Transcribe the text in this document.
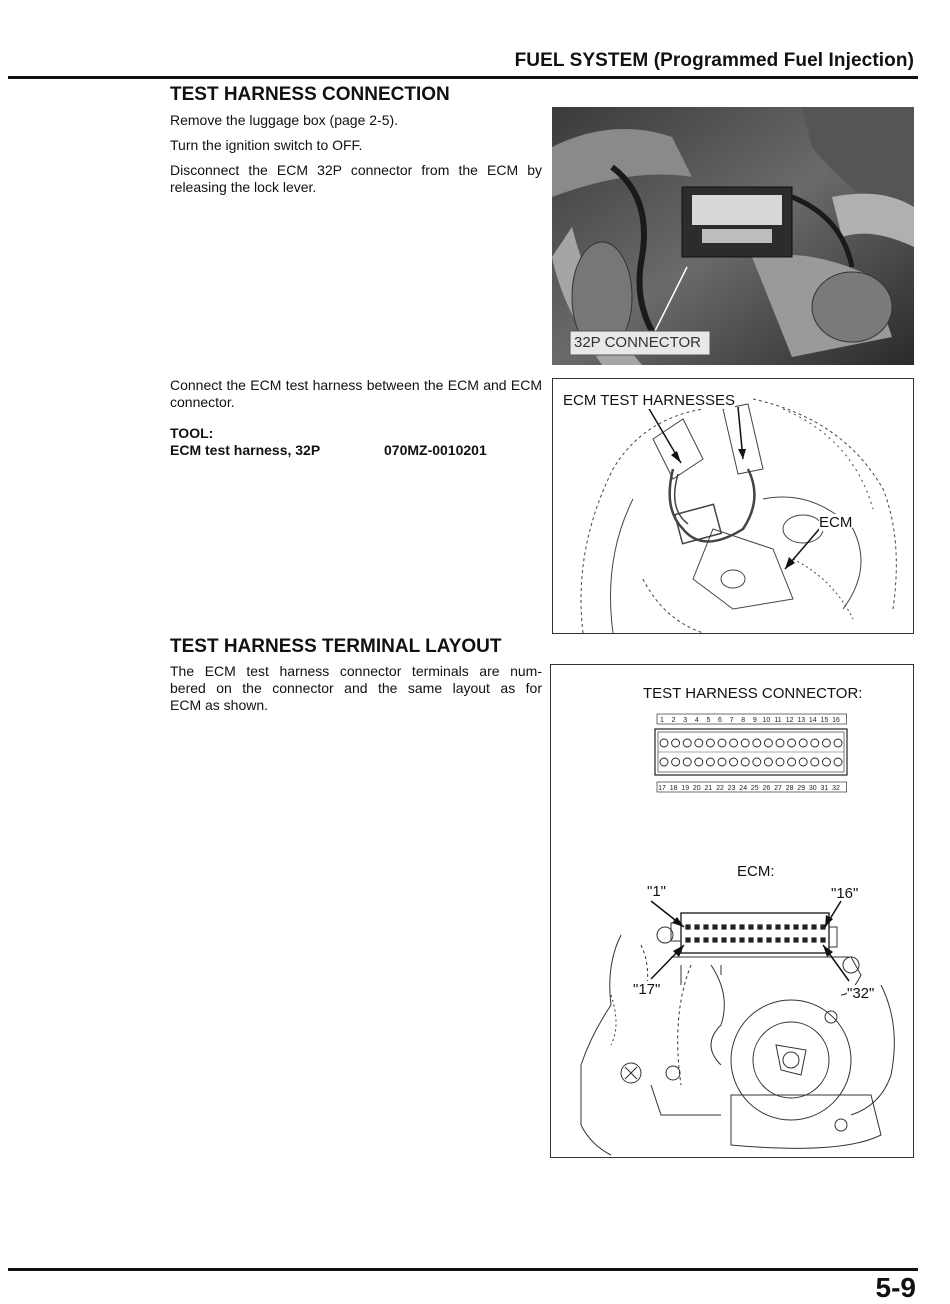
FUEL SYSTEM (Programmed Fuel Injection)
TEST HARNESS CONNECTION

Remove the luggage box (page 2-5).

Turn the ignition switch to OFF.

Disconnect the ECM 32P connector from the ECM by releasing the lock lever.

32P CONNECTOR

Connect the ECM test harness between the ECM and ECM connector.

TOOL:
ECM test harness, 32P	070MZ-0010201
ECM TEST HARNESSES
ECM
TEST HARNESS TERMINAL LAYOUT

The ECM test harness connector terminals are num-

bered on the connector and the same layout as for

ECM as shown.

TEST HARNESS CONNECTOR:
1 2 3 4 5 6 7 8 9 10 11 12 13 14 15 16
17 18 19 20 21 22 23 24 25 26 27 28 29 30 31 32
ECM:
"1"	"16"
"17"	"32"
5-9
